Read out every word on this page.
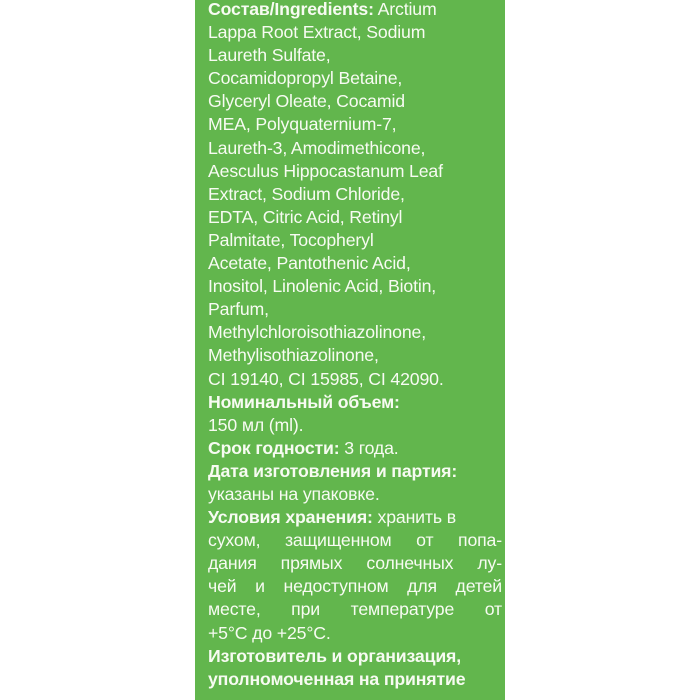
Состав/Ingredients: Arctium
Lappa Root Extract, Sodium
Laureth Sulfate,
Cocamidopropyl Betaine,
Glyceryl Oleate, Cocamid
MEA, Polyquaternium-7,
Laureth-3, Amodimethicone,
Aesculus Hippocastanum Leaf
Extract, Sodium Chloride,
EDTA, Citric Acid, Retinyl
Palmitate, Tocopheryl
Acetate, Pantothenic Acid,
Inositol, Linolenic Acid, Biotin,
Parfum,
Methylchloroisothiazolinone,
Methylisothiazolinone,
CI 19140, CI 15985, CI 42090.
Номинальный объем:
150 мл (ml).
Срок годности: 3 года.
Дата изготовления и партия:
указаны на упаковке.
Условия хранения: хранить в
сухом, защищенном от попа-
дания прямых солнечных лу-
чей и недоступном для детей
месте, при температуре от
+5°С до +25°С.
Изготовитель и организация,
уполномоченная на принятие
